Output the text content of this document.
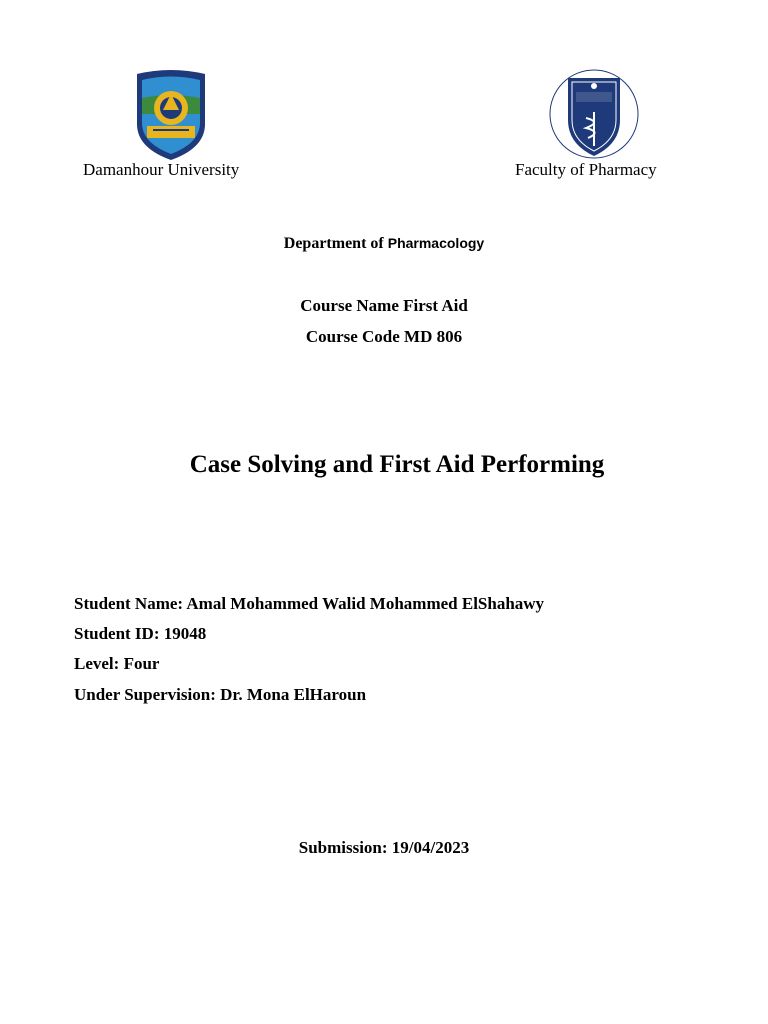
Damanhour University	Faculty of Pharmacy
Department of Pharmacology
Course Name First Aid
Course Code MD 806
Case Solving and First Aid Performing
Student Name: Amal Mohammed Walid Mohammed ElShahawy
Student ID: 19048
Level: Four
Under Supervision: Dr. Mona ElHaroun
Submission: 19/04/2023
